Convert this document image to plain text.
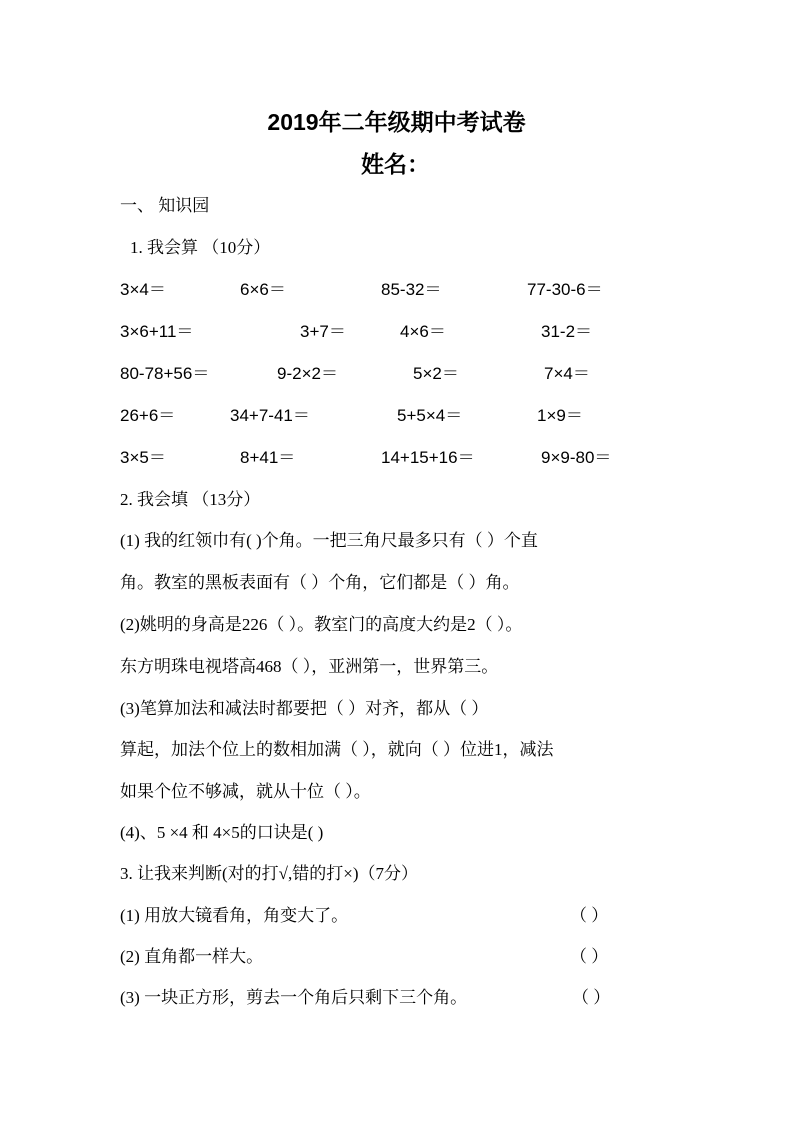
2019年二年级期中考试卷
姓名：
一、 知识园
1. 我会算 （10分）
3×4＝	6×6＝	85-32＝	77-30-6＝
3×6+11＝	3+7＝	4×6＝	31-2＝
80-78+56＝	9-2×2＝	5×2＝	7×4＝
26+6＝	34+7-41＝	5+5×4＝	1×9＝
3×5＝	8+41＝	14+15+16＝	9×9-80＝
2. 我会填 （13分）
(1) 我的红领巾有( )个角。一把三角尺最多只有（ ）个直
角。教室的黑板表面有（ ）个角，它们都是（ ）角。
(2)姚明的身高是226（ ）。教室门的高度大约是2（ ）。
东方明珠电视塔高468（ ），亚洲第一，世界第三。
(3)笔算加法和减法时都要把（ ）对齐，都从（ ）
算起，加法个位上的数相加满（ ），就向（ ）位进1，减法
如果个位不够减，就从十位（ ）。
(4)、5 ×4 和 4×5的口诀是( )
3. 让我来判断(对的打√,错的打×)（7分）
(1) 用放大镜看角，角变大了。	（ ）
(2) 直角都一样大。	（ ）
(3) 一块正方形，剪去一个角后只剩下三个角。	（ ）
